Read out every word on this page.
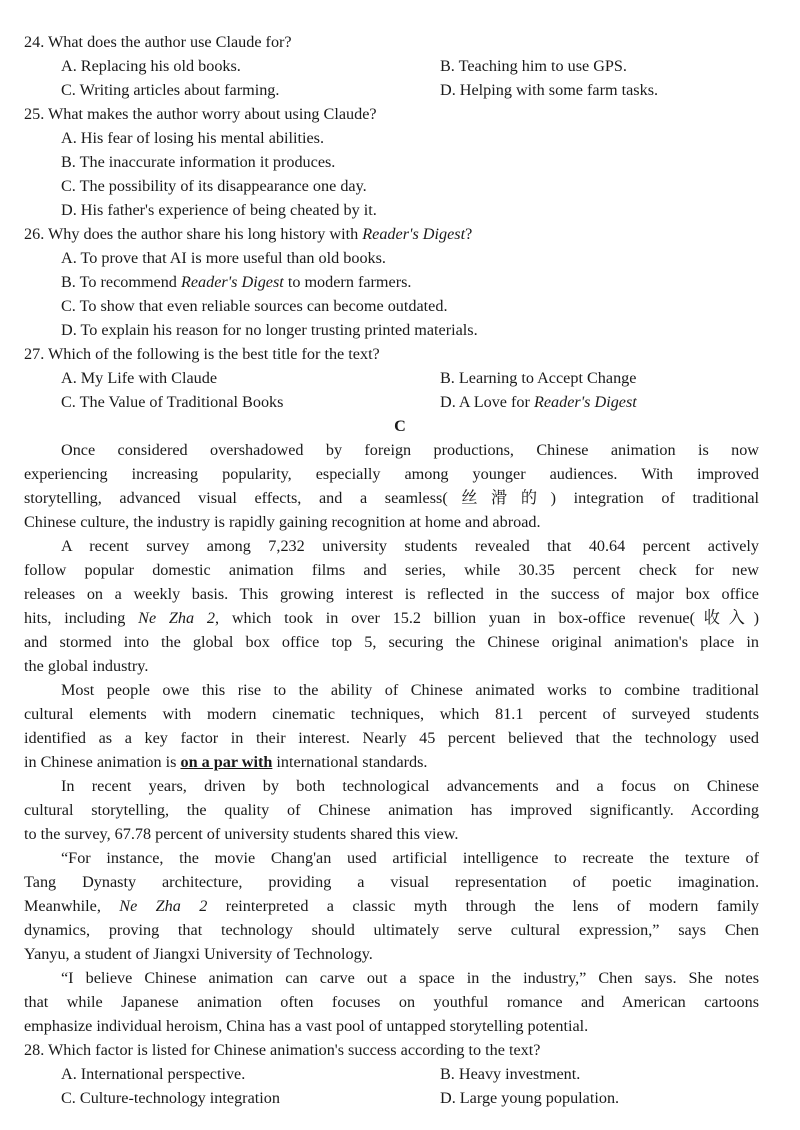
24. What does the author use Claude for?
A. Replacing his old books.	B. Teaching him to use GPS.
C. Writing articles about farming.	D. Helping with some farm tasks.
25. What makes the author worry about using Claude?
A. His fear of losing his mental abilities.
B. The inaccurate information it produces.
C. The possibility of its disappearance one day.
D. His father's experience of being cheated by it.
26. Why does the author share his long history with Reader's Digest?
A. To prove that AI is more useful than old books.
B. To recommend Reader's Digest to modern farmers.
C. To show that even reliable sources can become outdated.
D. To explain his reason for no longer trusting printed materials.
27. Which of the following is the best title for the text?
A. My Life with Claude	B. Learning to Accept Change
C. The Value of Traditional Books	D. A Love for Reader's Digest
C
Once considered overshadowed by foreign productions, Chinese animation is now
experiencing increasing popularity, especially among younger audiences. With improved
storytelling, advanced visual effects, and a seamless(丝滑的) integration of traditional
Chinese culture, the industry is rapidly gaining recognition at home and abroad.
A recent survey among 7,232 university students revealed that 40.64 percent actively
follow popular domestic animation films and series, while 30.35 percent check for new
releases on a weekly basis. This growing interest is reflected in the success of major box office
hits, including Ne Zha 2, which took in over 15.2 billion yuan in box-office revenue(收入)
and stormed into the global box office top 5, securing the Chinese original animation's place in
the global industry.
Most people owe this rise to the ability of Chinese animated works to combine traditional
cultural elements with modern cinematic techniques, which 81.1 percent of surveyed students
identified as a key factor in their interest. Nearly 45 percent believed that the technology used
in Chinese animation is on a par with international standards.
In recent years, driven by both technological advancements and a focus on Chinese
cultural storytelling, the quality of Chinese animation has improved significantly. According
to the survey, 67.78 percent of university students shared this view.
“For instance, the movie Chang'an used artificial intelligence to recreate the texture of
Tang Dynasty architecture, providing a visual representation of poetic imagination.
Meanwhile, Ne Zha 2 reinterpreted a classic myth through the lens of modern family
dynamics, proving that technology should ultimately serve cultural expression,” says Chen
Yanyu, a student of Jiangxi University of Technology.
“I believe Chinese animation can carve out a space in the industry,” Chen says. She notes
that while Japanese animation often focuses on youthful romance and American cartoons
emphasize individual heroism, China has a vast pool of untapped storytelling potential.
28. Which factor is listed for Chinese animation's success according to the text?
A. International perspective.	B. Heavy investment.
C. Culture-technology integration	D. Large young population.
